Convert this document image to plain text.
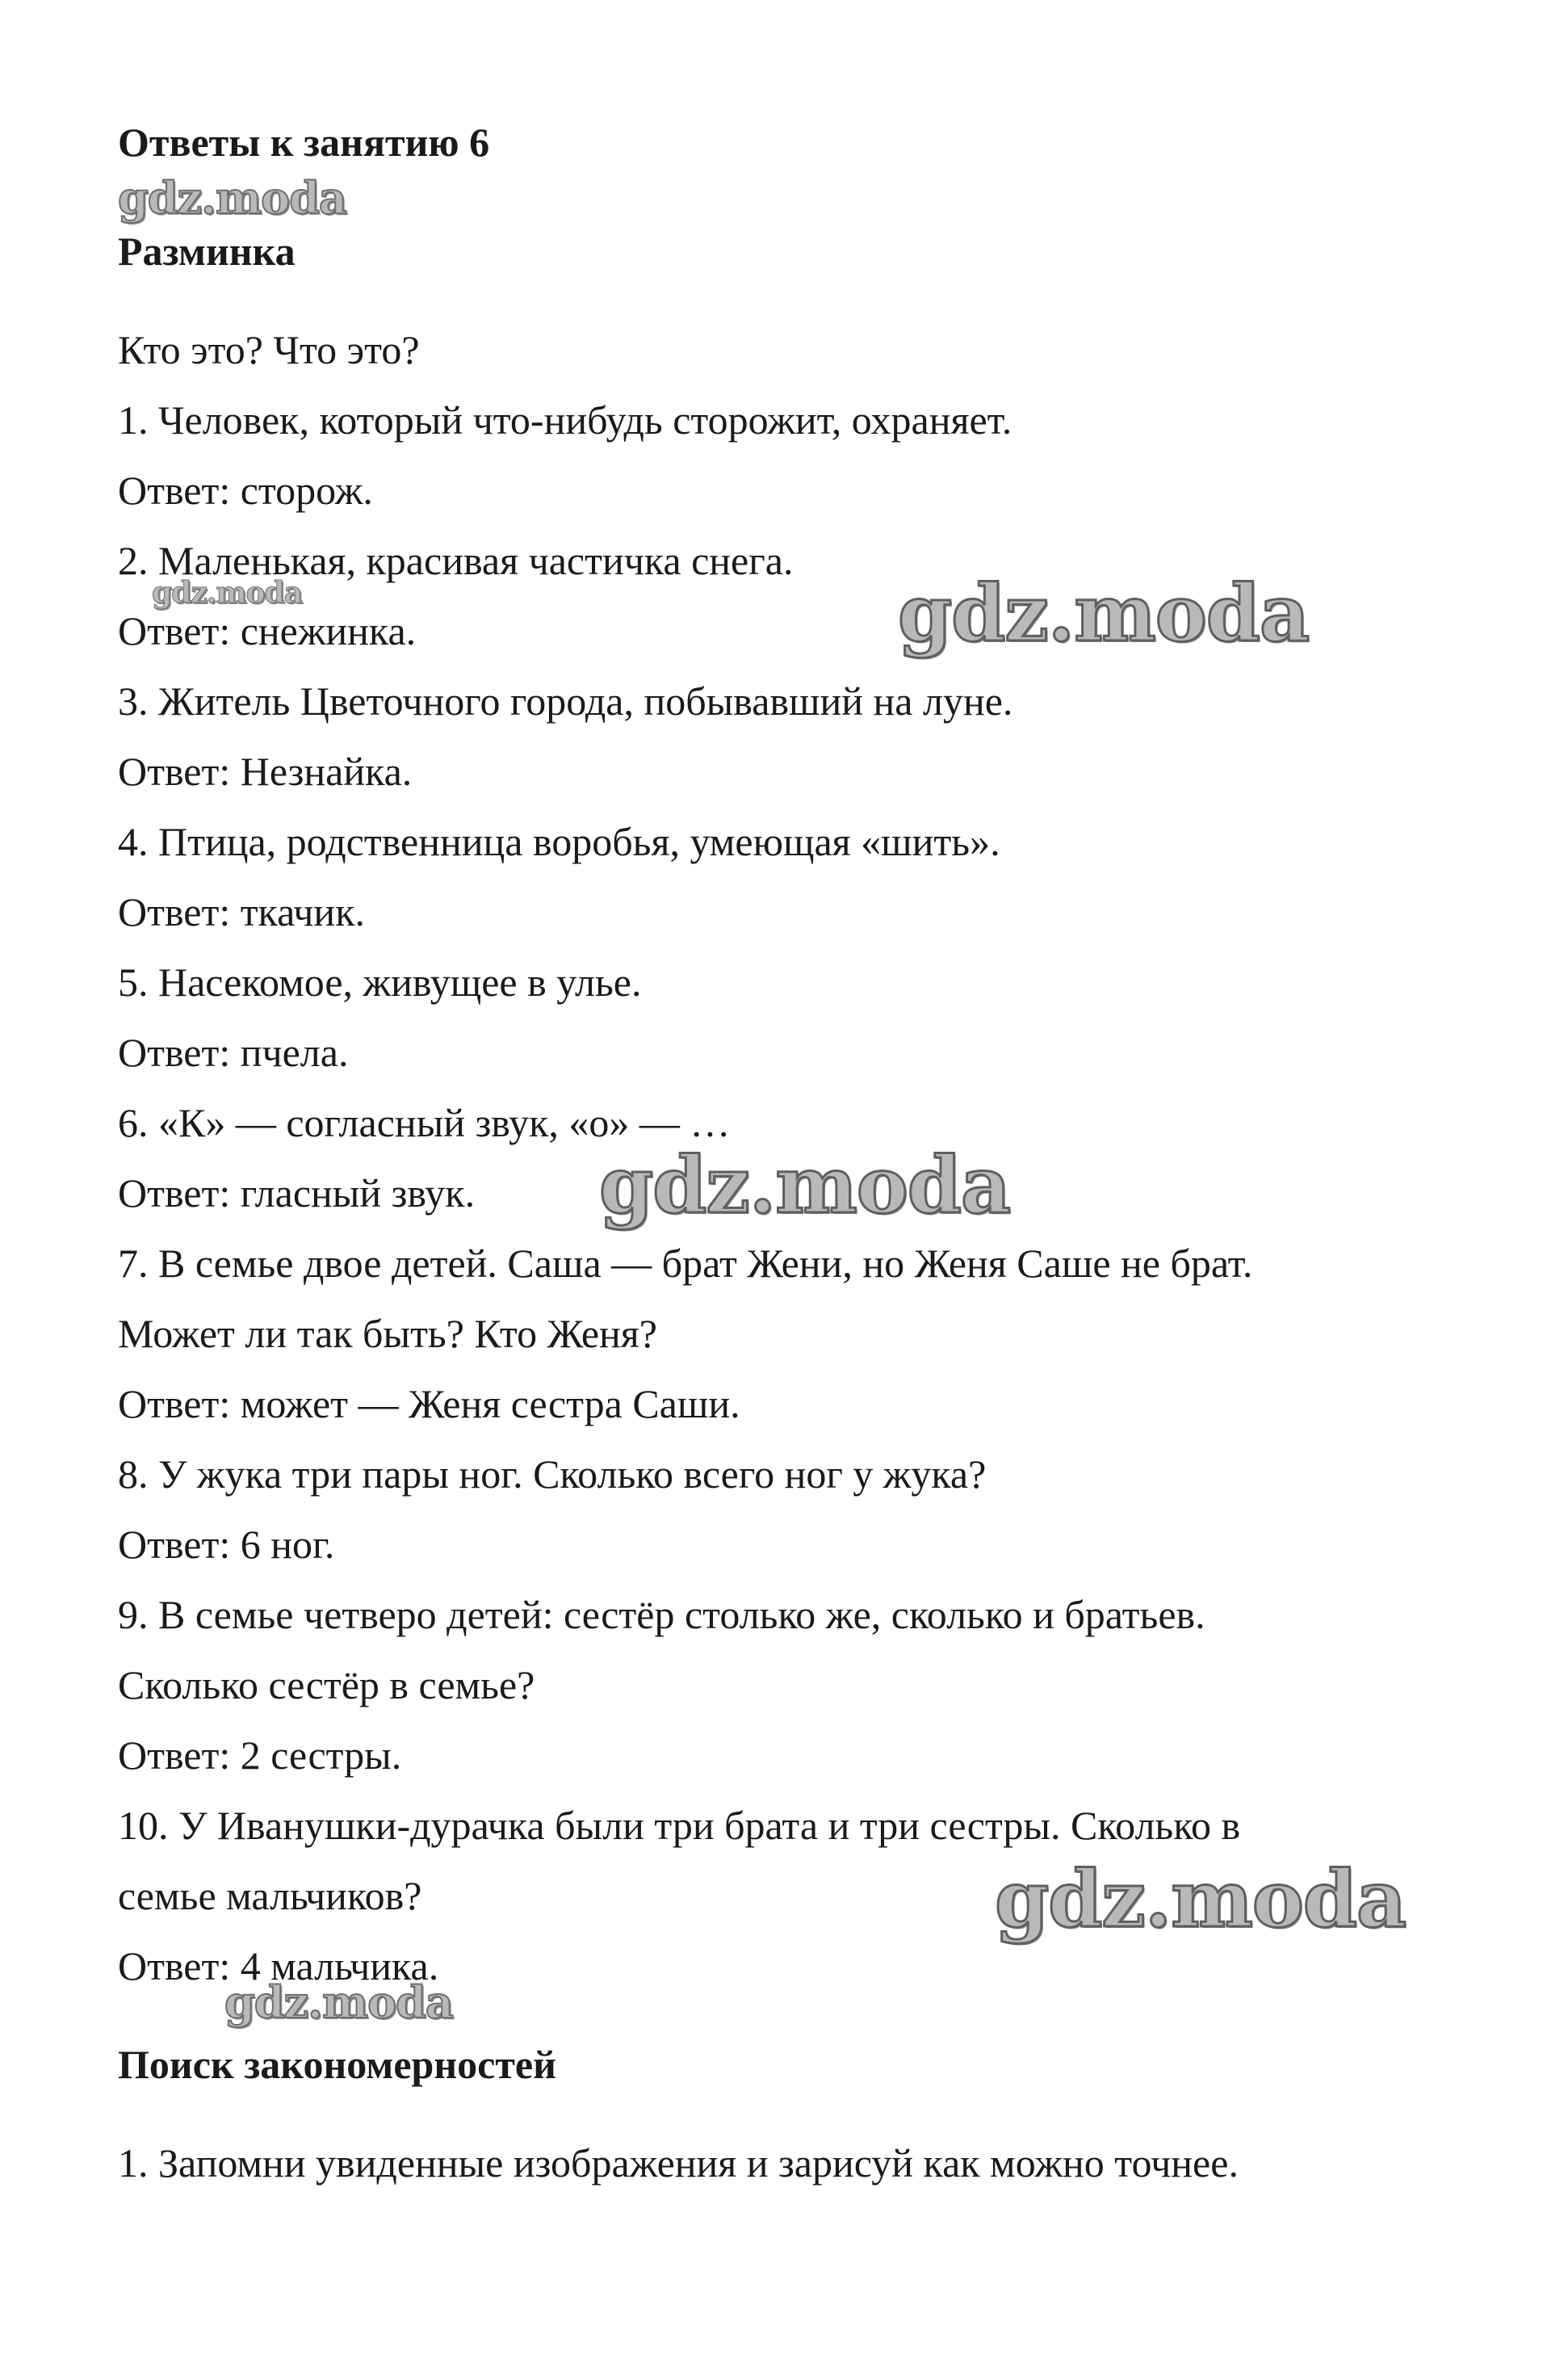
Ответы к занятию 6
Разминка
Кто это? Что это?
1. Человек, который что-нибудь сторожит, охраняет.
Ответ: сторож.
2. Маленькая, красивая частичка снега.
Ответ: снежинка.
3. Житель Цветочного города, побывавший на луне.
Ответ: Незнайка.
4. Птица, родственница воробья, умеющая «шить».
Ответ: ткачик.
5. Насекомое, живущее в улье.
Ответ: пчела.
6. «К» — согласный звук, «о» — …
Ответ: гласный звук.
7. В семье двое детей. Саша — брат Жени, но Женя Саше не брат.
Может ли так быть? Кто Женя?
Ответ: может — Женя сестра Саши.
8. У жука три пары ног. Сколько всего ног у жука?
Ответ: 6 ног.
9. В семье четверо детей: сестёр столько же, сколько и братьев.
Сколько сестёр в семье?
Ответ: 2 сестры.
10. У Иванушки-дурачка были три брата и три сестры. Сколько в
семье мальчиков?
Ответ: 4 мальчика.
Поиск закономерностей
1. Запомни увиденные изображения и зарисуй как можно точнее.
gdz.moda
gdz.moda	gdz.moda
gdz.moda
gdz.moda
gdz.moda
